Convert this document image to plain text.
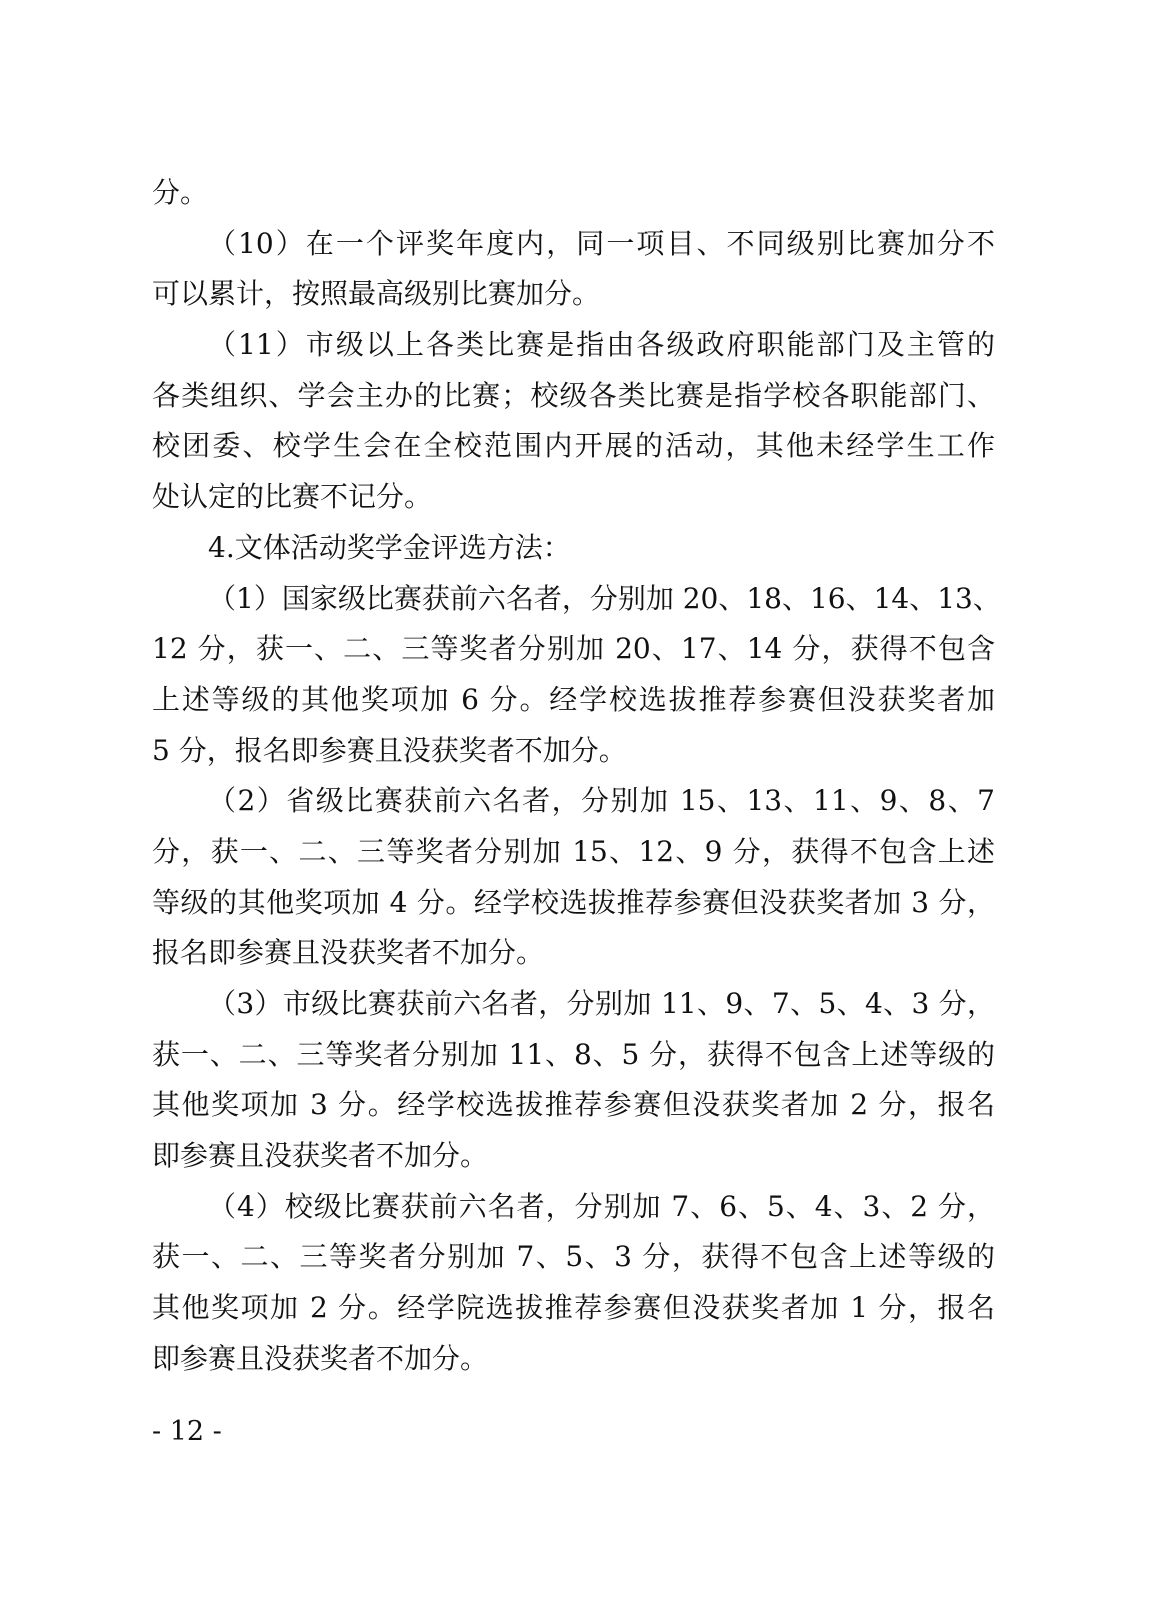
分。
（10）在一个评奖年度内，同一项目、不同级别比赛加分不
可以累计，按照最高级别比赛加分。
（11）市级以上各类比赛是指由各级政府职能部门及主管的
各类组织、学会主办的比赛；校级各类比赛是指学校各职能部门、
校团委、校学生会在全校范围内开展的活动，其他未经学生工作
处认定的比赛不记分。
4.文体活动奖学金评选方法：
（1）国家级比赛获前六名者，分别加 20、18、16、14、13、
12 分，获一、二、三等奖者分别加 20、17、14 分，获得不包含
上述等级的其他奖项加 6 分。经学校选拔推荐参赛但没获奖者加
5 分，报名即参赛且没获奖者不加分。
（2）省级比赛获前六名者，分别加 15、13、11、9、8、7
分，获一、二、三等奖者分别加 15、12、9 分，获得不包含上述
等级的其他奖项加 4 分。经学校选拔推荐参赛但没获奖者加 3 分，
报名即参赛且没获奖者不加分。
（3）市级比赛获前六名者，分别加 11、9、7、5、4、3 分，
获一、二、三等奖者分别加 11、8、5 分，获得不包含上述等级的
其他奖项加 3 分。经学校选拔推荐参赛但没获奖者加 2 分，报名
即参赛且没获奖者不加分。
（4）校级比赛获前六名者，分别加 7、6、5、4、3、2 分，
获一、二、三等奖者分别加 7、5、3 分，获得不包含上述等级的
其他奖项加 2 分。经学院选拔推荐参赛但没获奖者加 1 分，报名
即参赛且没获奖者不加分。
- 12 -
